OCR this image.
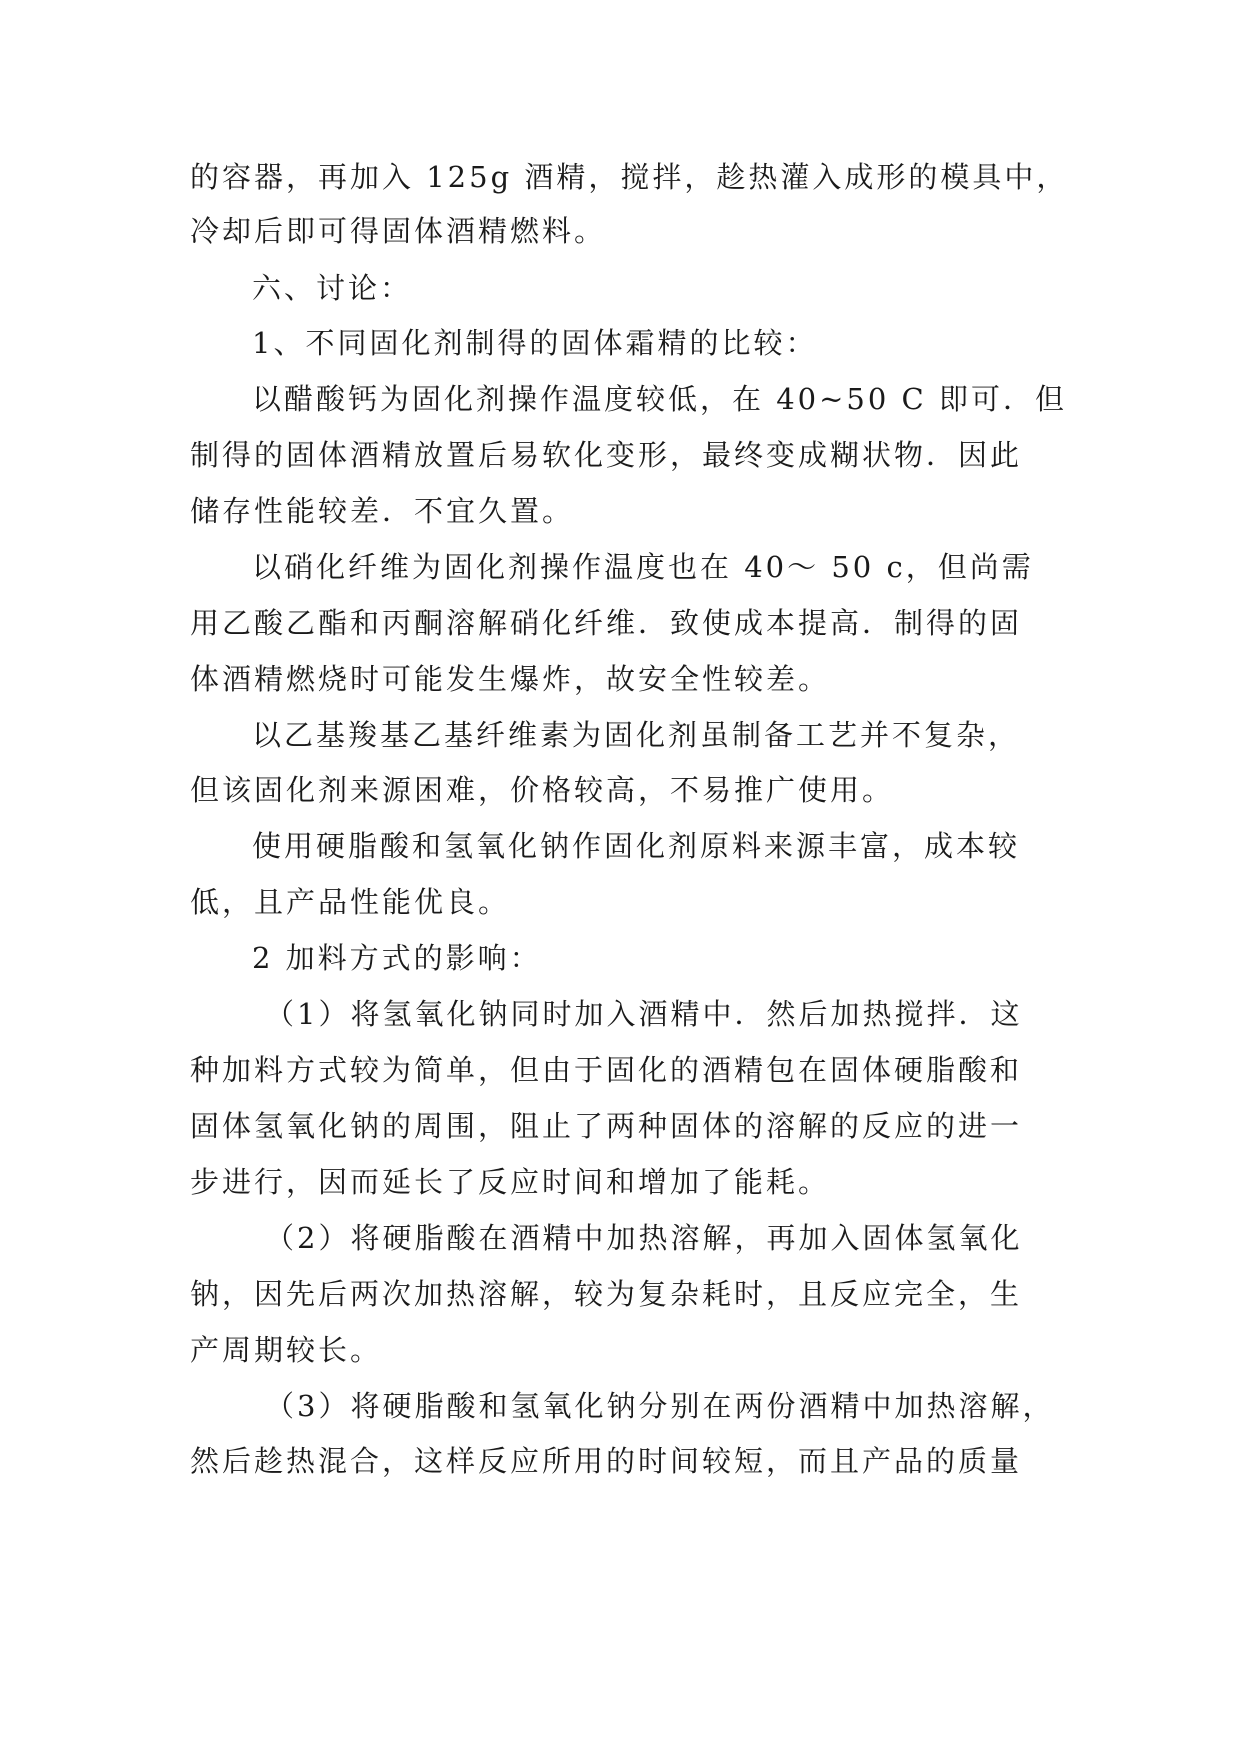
的容器，再加入 125g 酒精，搅拌，趁热灌入成形的模具中，
冷却后即可得固体酒精燃料。
六、讨论：
1、不同固化剂制得的固体霜精的比较：
以醋酸钙为固化剂操作温度较低，在 40~50 C 即可．但
制得的固体酒精放置后易软化变形，最终变成糊状物．因此
储存性能较差．不宜久置。
以硝化纤维为固化剂操作温度也在 40～ 50 c，但尚需
用乙酸乙酯和丙酮溶解硝化纤维．致使成本提高．制得的固
体酒精燃烧时可能发生爆炸，故安全性较差。
以乙基羧基乙基纤维素为固化剂虽制备工艺并不复杂，
但该固化剂来源困难，价格较高，不易推广使用。
使用硬脂酸和氢氧化钠作固化剂原料来源丰富，成本较
低，且产品性能优良。
2 加料方式的影响：
（1）将氢氧化钠同时加入酒精中．然后加热搅拌．这
种加料方式较为简单，但由于固化的酒精包在固体硬脂酸和
固体氢氧化钠的周围，阻止了两种固体的溶解的反应的进一
步进行，因而延长了反应时间和增加了能耗。
（2）将硬脂酸在酒精中加热溶解，再加入固体氢氧化
钠，因先后两次加热溶解，较为复杂耗时，且反应完全，生
产周期较长。
（3）将硬脂酸和氢氧化钠分别在两份酒精中加热溶解，
然后趁热混合，这样反应所用的时间较短，而且产品的质量
